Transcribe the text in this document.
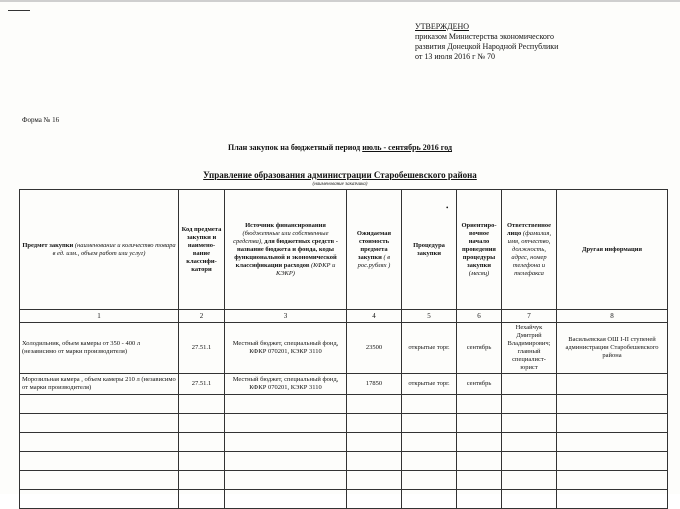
УТВЕРЖДЕНО
приказом Министерства экономического
развития Донецкой Народной Республики
от 13 июля 2016 г № 70
Форма № 16
План закупок на бюджетный период июль - сентябрь 2016 год
Управление образования администрации Старобешевского района
(наименование заказчика)
•
Предмет закупки (наименование и количество товара в ед. изм., объем работ или услуг)	Код предмета закупки и наимено-вание классифи-катори	Источник финансирования (бюджетные или собственные средства), для бюджетных средств - название бюджета и фонда, коды функциональной и экономической классификации расходов (КФКР и КЭКР)	Ожидаемая стоимость предмета закупки ( в рос.рублях )	Процедура закупки	Ориентиро-вочное начало проведения процедуры закупки (месяц)	Ответственное лицо (фамилия, имя, отчество, должность, адрес, номер телефона и телефакса	Другая информация
1	2	3	4	5	6	7	8
Холодильник, объем камеры от 350 - 400 л (независимо от марки производителя)	27.51.1	Местный бюджет, специальный фонд, КФКР 070201, КЭКР 3110	23500	открытые торг.	сентябрь	Нехайчук Дмитрий Владимирович; главный специалист-юрист	Васильевская ОШ I-II ступеней администрации Старобешевского района
Морозильная камера , объем камеры 210 л (независимо от марки производителя)	27.51.1	Местный бюджет, специальный фонд, КФКР 070201, КЭКР 3110	17850	открытые торг.	сентябрь		
